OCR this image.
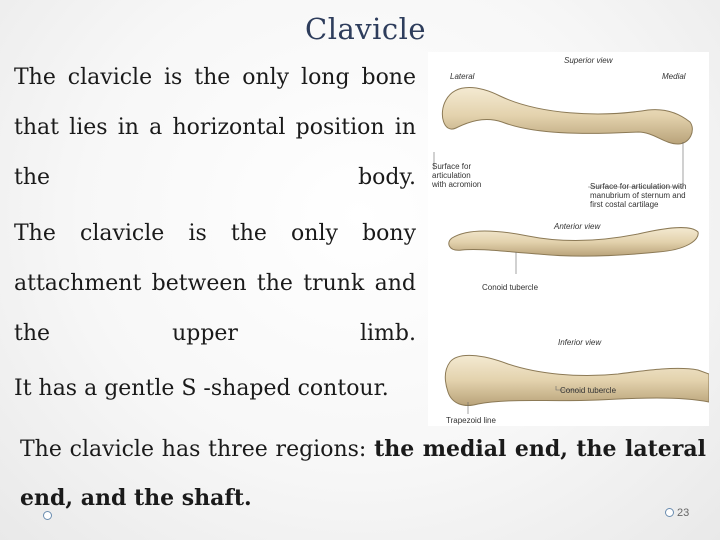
Clavicle
The clavicle is the only long bone that lies in a horizontal position in the body.
The clavicle is the only bony attachment between the trunk and the upper limb.
It has a gentle S -shaped contour.
The clavicle has three regions: the medial end, the lateral end, and the shaft.
Superior view
Lateral	Medial
Surface for
articulation
with acromion	Surface for articulation with
manubrium of sternum and
first costal cartilage
Anterior view
Conoid tubercle
Inferior view
Conoid tubercle
Trapezoid line
23
